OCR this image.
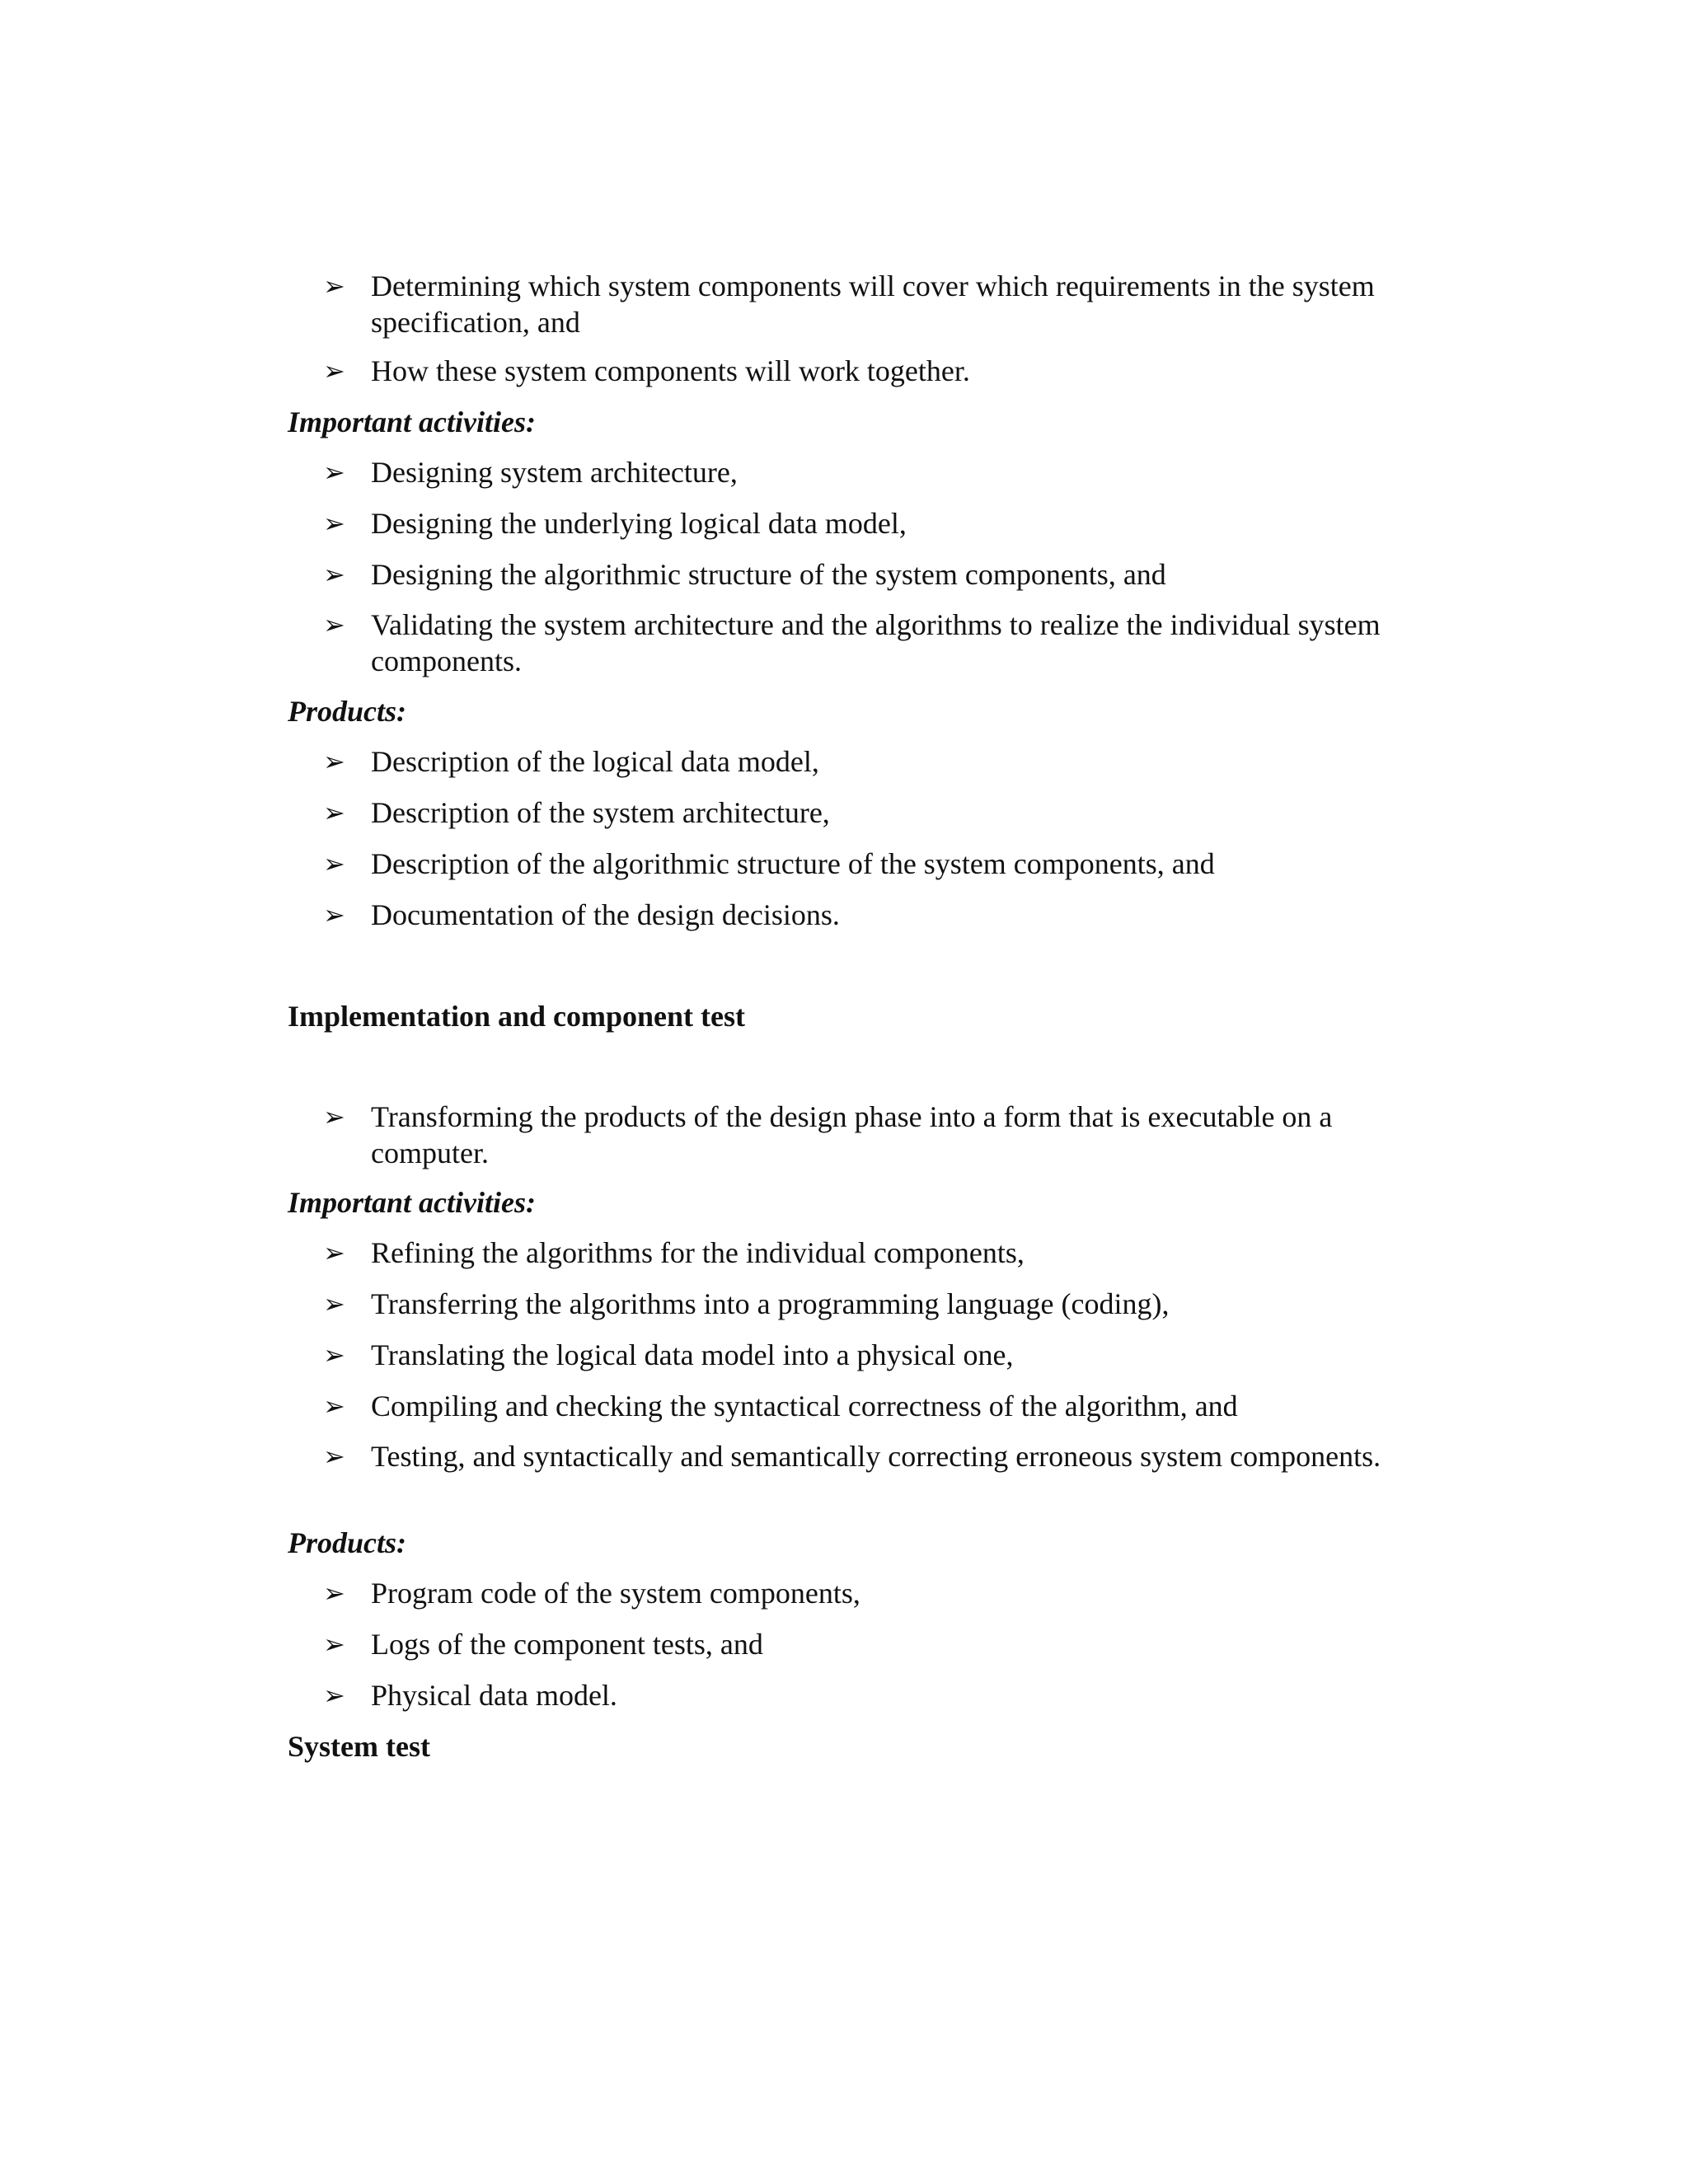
➢ Determining which system components will cover which requirements in the system specification, and
➢ How these system components will work together.
Important activities:
➢ Designing system architecture,
➢ Designing the underlying logical data model,
➢ Designing the algorithmic structure of the system components, and
➢ Validating the system architecture and the algorithms to realize the individual system components.
Products:
➢ Description of the logical data model,
➢ Description of the system architecture,
➢ Description of the algorithmic structure of the system components, and
➢ Documentation of the design decisions.
Implementation and component test
➢ Transforming the products of the design phase into a form that is executable on a computer.
Important activities:
➢ Refining the algorithms for the individual components,
➢ Transferring the algorithms into a programming language (coding),
➢ Translating the logical data model into a physical one,
➢ Compiling and checking the syntactical correctness of the algorithm, and
➢ Testing, and syntactically and semantically correcting erroneous system components.
Products:
➢ Program code of the system components,
➢ Logs of the component tests, and
➢ Physical data model.
System test
